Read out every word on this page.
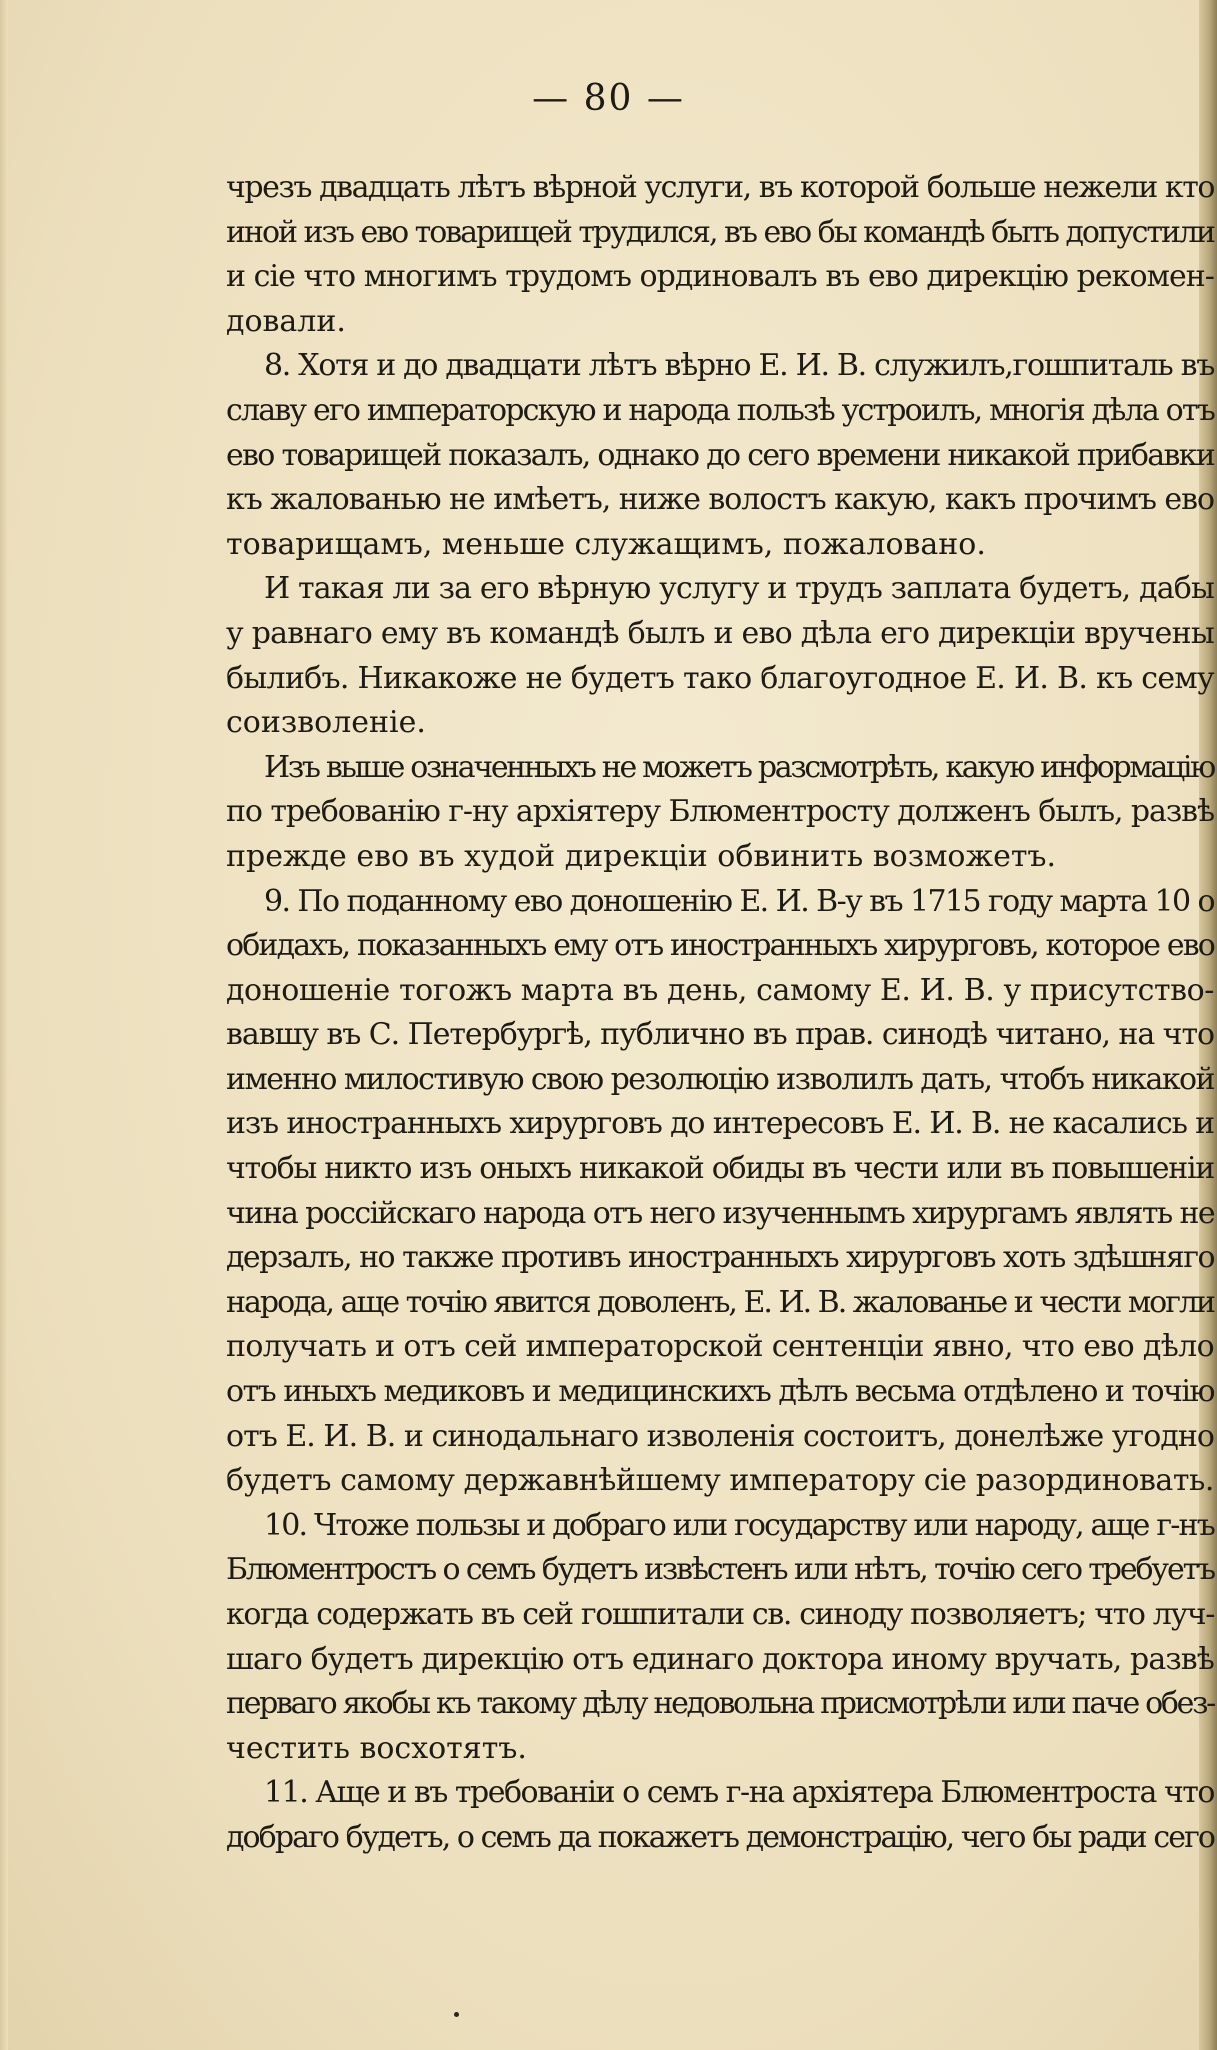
— 80 —
чрезъ двадцать лѣтъ вѣрной услуги, въ которой больше нежели кто
иной изъ ево товарищей трудился, въ ево бы командѣ быть допустили
и сіе что многимъ трудомъ ординовалъ въ ево дирекцію рекомен-
довали.
8. Хотя и до двадцати лѣтъ вѣрно Е. И. В. служилъ,гошпиталь въ
славу его императорскую и народа пользѣ устроилъ, многія дѣла отъ
ево товарищей показалъ, однако до сего времени никакой прибавки
къ жалованью не имѣетъ, ниже волостъ какую, какъ прочимъ ево
товарищамъ, меньше служащимъ, пожаловано.
И такая ли за его вѣрную услугу и трудъ заплата будетъ, дабы
у равнаго ему въ командѣ былъ и ево дѣла его дирекціи вручены
былибъ. Никакоже не будетъ тако благоугодное Е. И. В. къ сему
соизволеніе.
Изъ выше означенныхъ не можетъ разсмотрѣть, какую информацію
по требованію г-ну архіятеру Блюментросту долженъ былъ, развѣ
прежде ево въ худой дирекціи обвинить возможетъ.
9. По поданному ево доношенію Е. И. В-у въ 1715 году марта 10 о
обидахъ, показанныхъ ему отъ иностранныхъ хирурговъ, которое ево
доношеніе тогожъ марта въ день, самому Е. И. В. у присутство-
вавшу въ С. Петербургѣ, публично въ прав. синодѣ читано, на что
именно милостивую свою резолюцію изволилъ дать, чтобъ никакой
изъ иностранныхъ хирурговъ до интересовъ Е. И. В. не касались и
чтобы никто изъ оныхъ никакой обиды въ чести или въ повышеніи
чина россійскаго народа отъ него изученнымъ хирургамъ являть не
дерзалъ, но также противъ иностранныхъ хирурговъ хоть здѣшняго
народа, аще точію явится доволенъ, Е. И. В. жалованье и чести могли
получать и отъ сей императорской сентенціи явно, что ево дѣло
отъ иныхъ медиковъ и медицинскихъ дѣлъ весьма отдѣлено и точію
отъ Е. И. В. и синодальнаго изволенія состоитъ, донелѣже угодно
будетъ самому державнѣйшему императору сіе разординовать.
10. Чтоже пользы и добраго или государству или народу, аще г-нъ
Блюментростъ о семъ будетъ извѣстенъ или нѣтъ, точію сего требуетъ
когда содержать въ сей гошпитали св. синоду позволяетъ; что луч-
шаго будетъ дирекцію отъ единаго доктора иному вручать, развѣ
перваго якобы къ такому дѣлу недовольна присмотрѣли или паче обез-
честить восхотятъ.
11. Аще и въ требованіи о семъ г-на архіятера Блюментроста что
добраго будетъ, о семъ да покажетъ демонстрацію, чего бы ради сего
